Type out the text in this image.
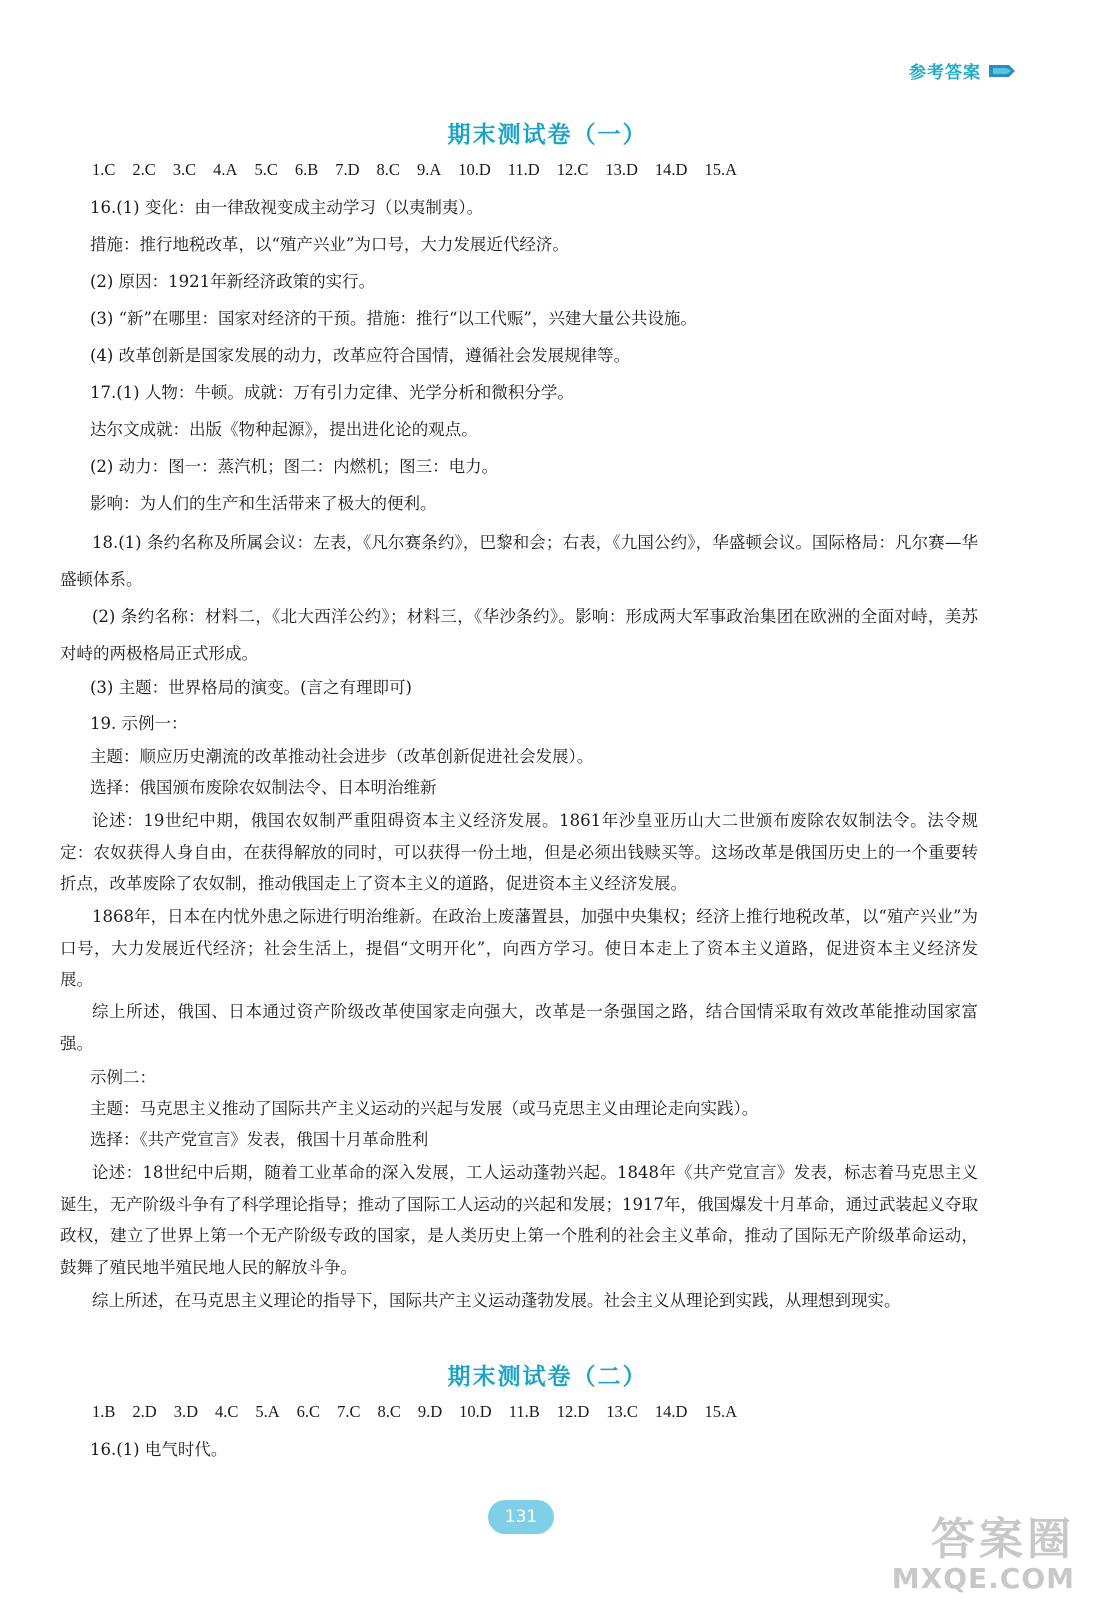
参考答案
期末测试卷（一）
1.C 2.C 3.C 4.A 5.C 6.B 7.D 8.C 9.A 10.D 11.D 12.C 13.D 14.D 15.A
16.(1) 变化：由一律敌视变成主动学习（以夷制夷）。
措施：推行地税改革，以“殖产兴业”为口号，大力发展近代经济。
(2) 原因：1921年新经济政策的实行。
(3) “新”在哪里：国家对经济的干预。措施：推行“以工代赈”，兴建大量公共设施。
(4) 改革创新是国家发展的动力，改革应符合国情，遵循社会发展规律等。
17.(1) 人物：牛顿。成就：万有引力定律、光学分析和微积分学。
达尔文成就：出版《物种起源》，提出进化论的观点。
(2) 动力：图一：蒸汽机；图二：内燃机；图三：电力。
影响：为人们的生产和生活带来了极大的便利。
18.(1) 条约名称及所属会议：左表，《凡尔赛条约》，巴黎和会；右表，《九国公约》，华盛顿会议。国际格局：凡尔赛—华盛顿体系。
(2) 条约名称：材料二，《北大西洋公约》；材料三，《华沙条约》。影响：形成两大军事政治集团在欧洲的全面对峙，美苏对峙的两极格局正式形成。
(3) 主题：世界格局的演变。(言之有理即可)
19. 示例一：
主题：顺应历史潮流的改革推动社会进步（改革创新促进社会发展）。
选择：俄国颁布废除农奴制法令、日本明治维新
论述：19世纪中期，俄国农奴制严重阻碍资本主义经济发展。1861年沙皇亚历山大二世颁布废除农奴制法令。法令规定：农奴获得人身自由，在获得解放的同时，可以获得一份土地，但是必须出钱赎买等。这场改革是俄国历史上的一个重要转折点，改革废除了农奴制，推动俄国走上了资本主义的道路，促进资本主义经济发展。
1868年，日本在内忧外患之际进行明治维新。在政治上废藩置县，加强中央集权；经济上推行地税改革，以“殖产兴业”为口号，大力发展近代经济；社会生活上，提倡“文明开化”，向西方学习。使日本走上了资本主义道路，促进资本主义经济发展。
综上所述，俄国、日本通过资产阶级改革使国家走向强大，改革是一条强国之路，结合国情采取有效改革能推动国家富强。
示例二：
主题：马克思主义推动了国际共产主义运动的兴起与发展（或马克思主义由理论走向实践）。
选择：《共产党宣言》发表，俄国十月革命胜利
论述：18世纪中后期，随着工业革命的深入发展，工人运动蓬勃兴起。1848年《共产党宣言》发表，标志着马克思主义诞生，无产阶级斗争有了科学理论指导；推动了国际工人运动的兴起和发展；1917年，俄国爆发十月革命，通过武装起义夺取政权，建立了世界上第一个无产阶级专政的国家，是人类历史上第一个胜利的社会主义革命，推动了国际无产阶级革命运动，鼓舞了殖民地半殖民地人民的解放斗争。
综上所述，在马克思主义理论的指导下，国际共产主义运动蓬勃发展。社会主义从理论到实践，从理想到现实。
期末测试卷（二）
1.B 2.D 3.D 4.C 5.A 6.C 7.C 8.C 9.D 10.D 11.B 12.D 13.C 14.D 15.A
16.(1) 电气时代。
131	答案圈
MXQE.COM
